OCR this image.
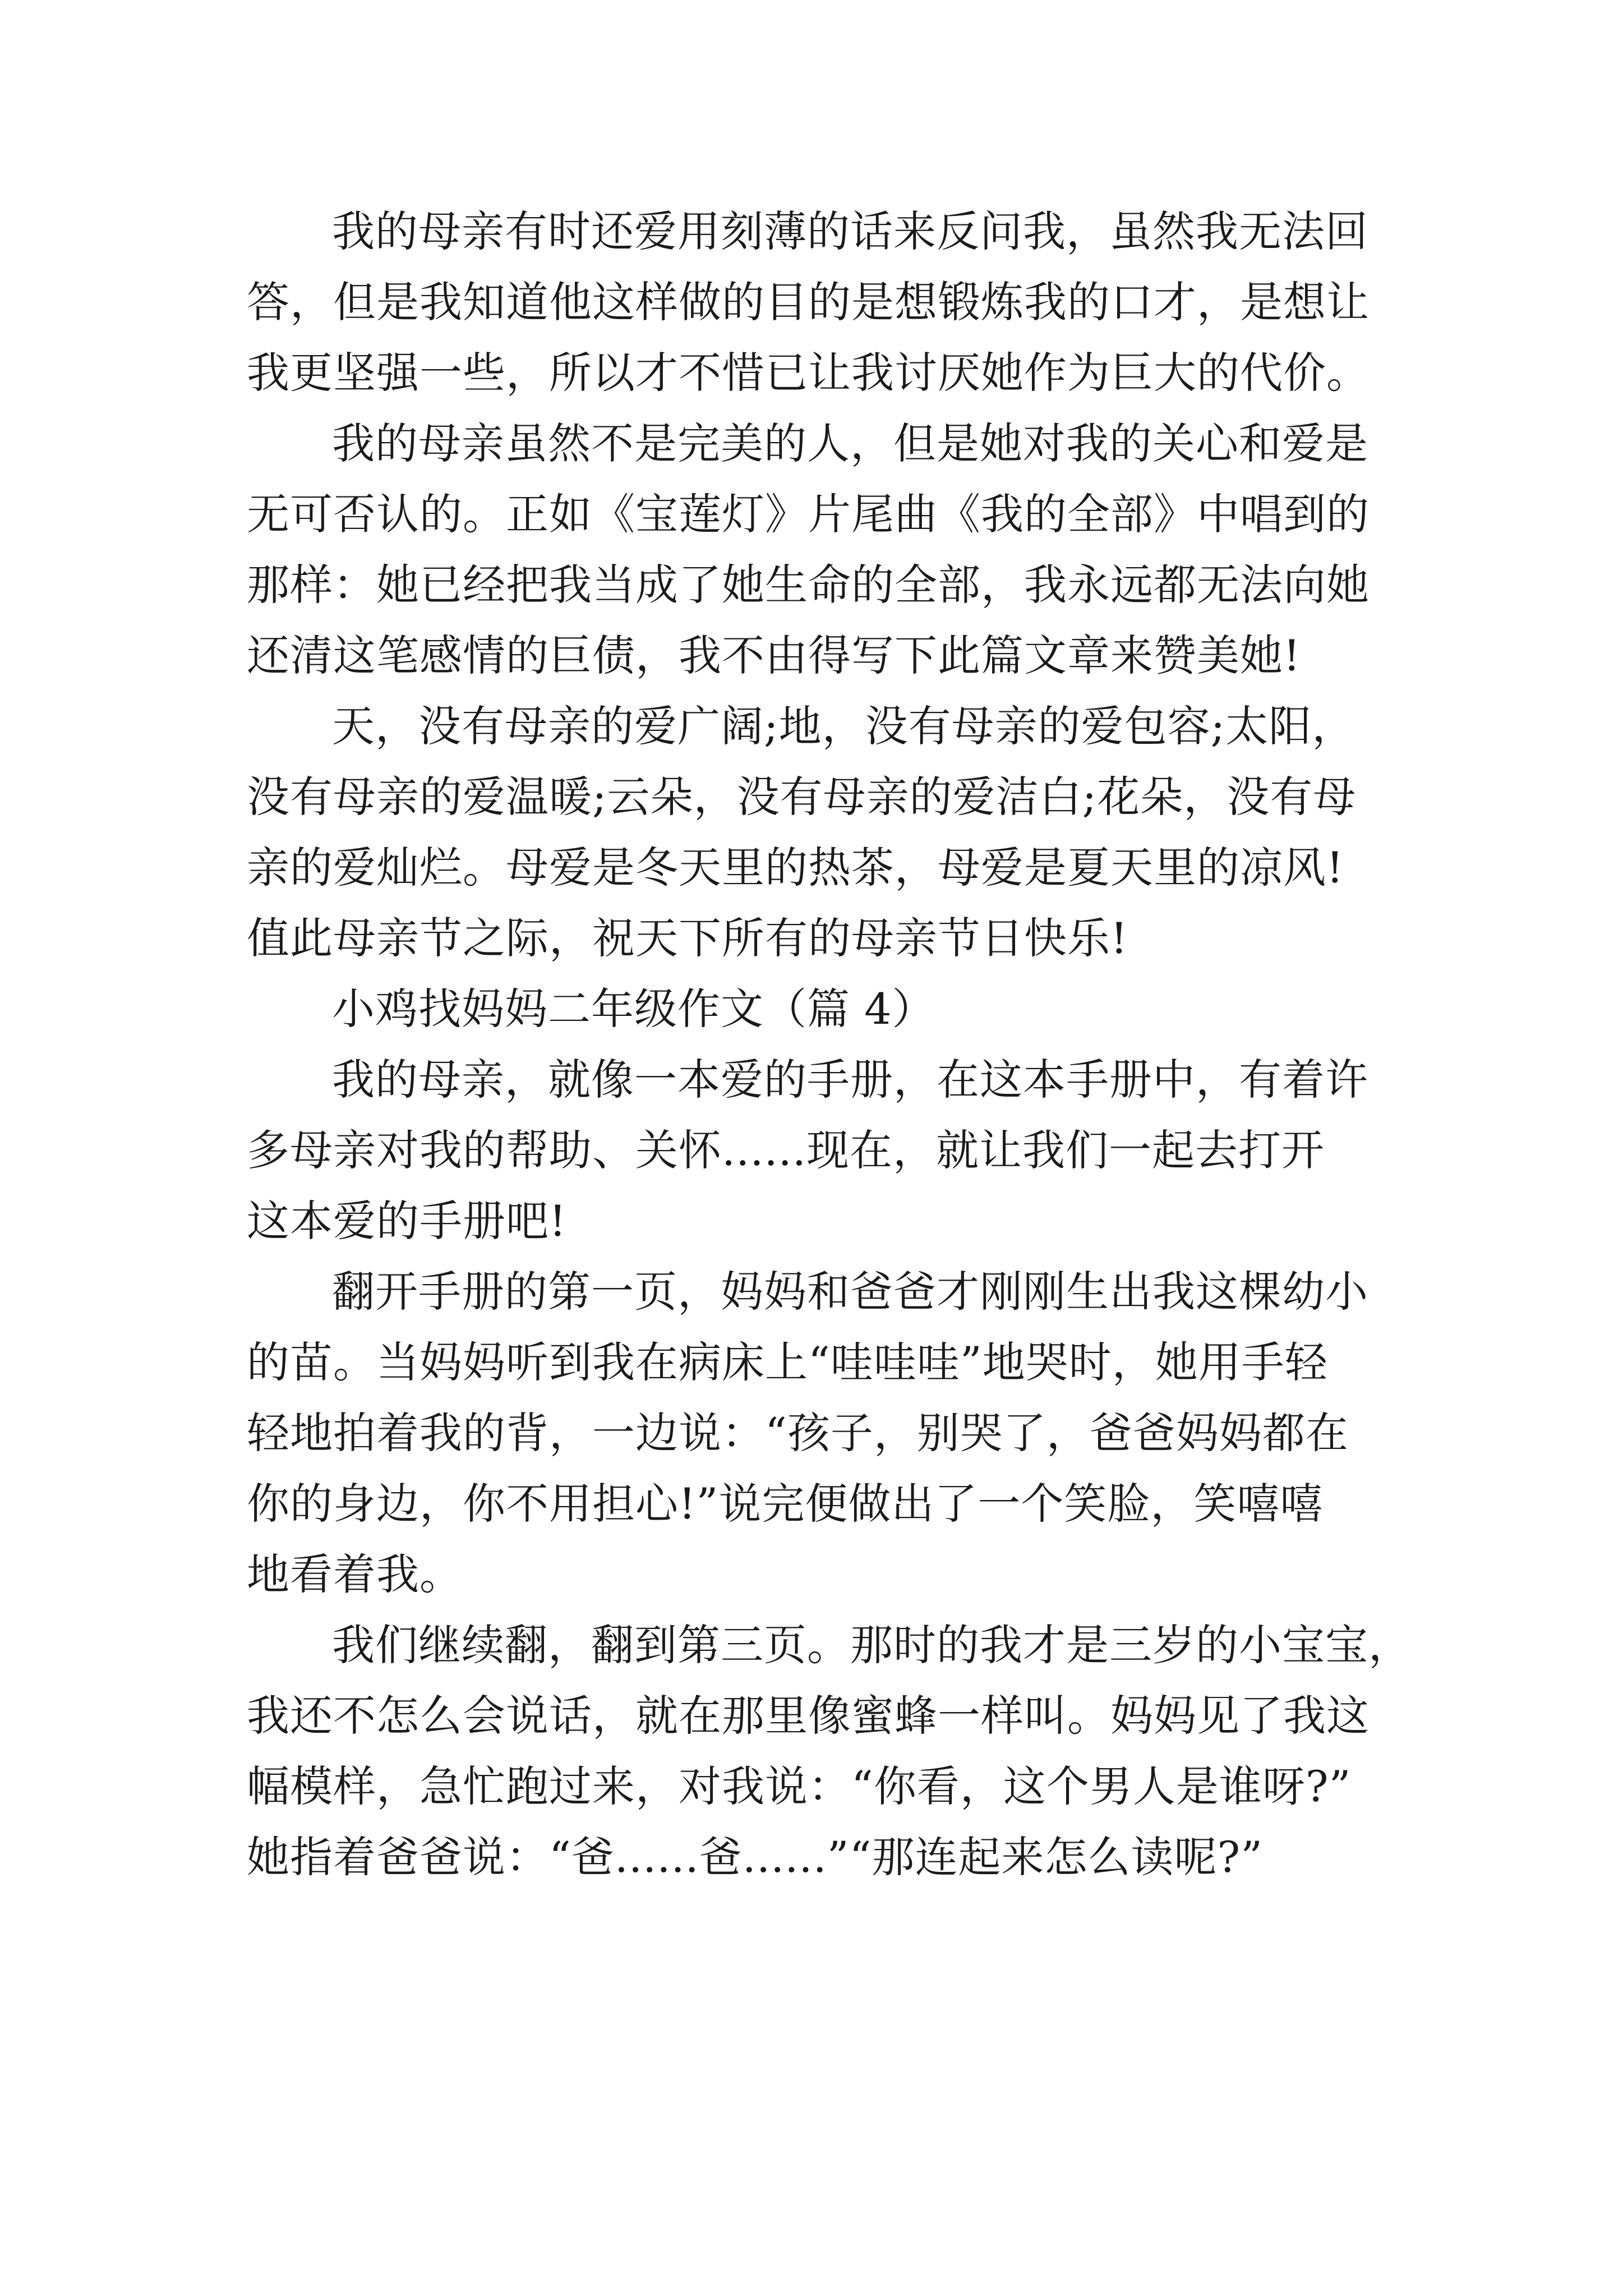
我的母亲有时还爱用刻薄的话来反问我，虽然我无法回
答，但是我知道他这样做的目的是想锻炼我的口才，是想让
我更坚强一些，所以才不惜已让我讨厌她作为巨大的代价。
我的母亲虽然不是完美的人，但是她对我的关心和爱是
无可否认的。正如《宝莲灯》片尾曲《我的全部》中唱到的
那样：她已经把我当成了她生命的全部，我永远都无法向她
还清这笔感情的巨债，我不由得写下此篇文章来赞美她!
天，没有母亲的爱广阔;地，没有母亲的爱包容;太阳，
没有母亲的爱温暖;云朵，没有母亲的爱洁白;花朵，没有母
亲的爱灿烂。母爱是冬天里的热茶，母爱是夏天里的凉风!
值此母亲节之际，祝天下所有的母亲节日快乐!
小鸡找妈妈二年级作文（篇 4）
我的母亲，就像一本爱的手册，在这本手册中，有着许
多母亲对我的帮助、关怀......现在，就让我们一起去打开
这本爱的手册吧!
翻开手册的第一页，妈妈和爸爸才刚刚生出我这棵幼小
的苗。当妈妈听到我在病床上“哇哇哇”地哭时，她用手轻
轻地拍着我的背，一边说：“孩子，别哭了，爸爸妈妈都在
你的身边，你不用担心!”说完便做出了一个笑脸，笑嘻嘻
地看着我。
我们继续翻，翻到第三页。那时的我才是三岁的小宝宝，
我还不怎么会说话，就在那里像蜜蜂一样叫。妈妈见了我这
幅模样，急忙跑过来，对我说：“你看，这个男人是谁呀?”
她指着爸爸说：“爸......爸......”“那连起来怎么读呢?”
